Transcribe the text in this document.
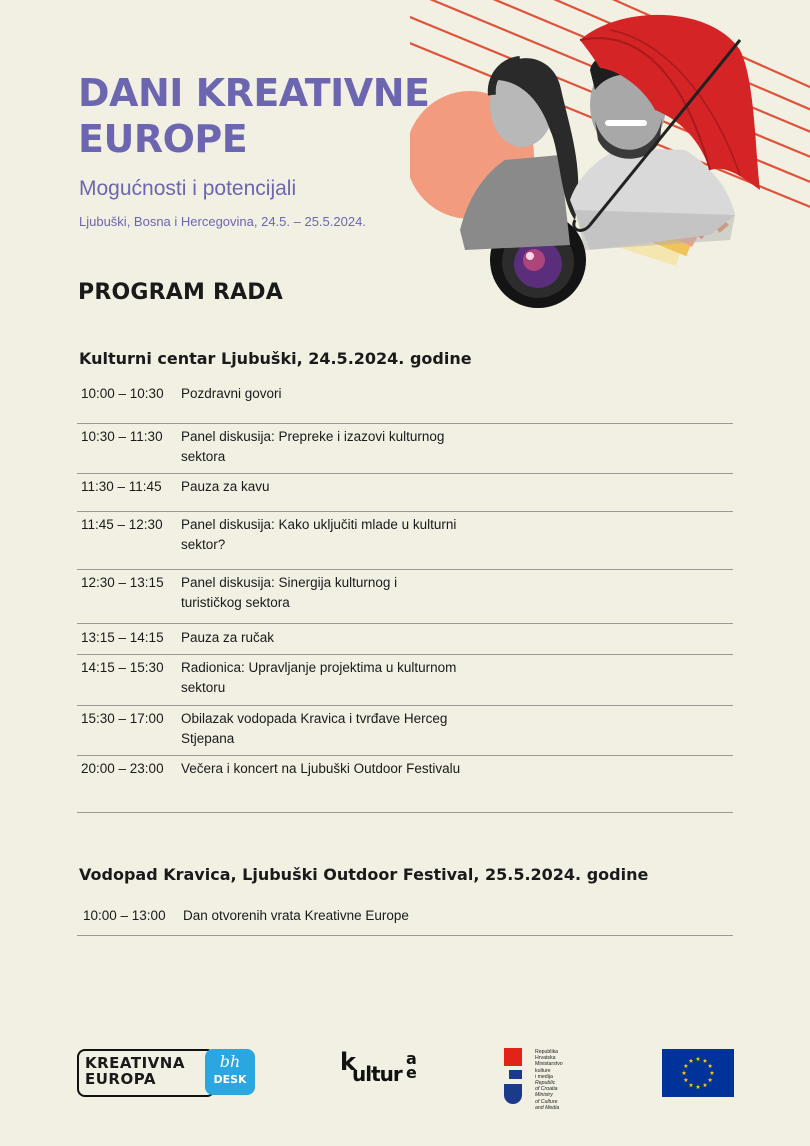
DANI KREATIVNE
EUROPE
Mogućnosti i potencijali
Ljubuški, Bosna i Hercegovina, 24.5. – 25.5.2024.
PROGRAM RADA
Kulturni centar Ljubuški, 24.5.2024. godine
10:00 – 10:30	Pozdravni govori
10:30 – 11:30	Panel diskusija: Prepreke i izazovi kulturnog sektora
11:30 – 11:45	Pauza za kavu
11:45 – 12:30	Panel diskusija: Kako uključiti mlade u kulturni sektor?
12:30 – 13:15	Panel diskusija: Sinergija kulturnog i turističkog sektora
13:15 – 14:15	Pauza za ručak
14:15 – 15:30	Radionica: Upravljanje projektima u kulturnom sektoru
15:30 – 17:00	Obilazak vodopada Kravica i tvrđave Herceg Stjepana
20:00 – 23:00	Večera i koncert na Ljubuški Outdoor Festivalu
Vodopad Kravica, Ljubuški Outdoor Festival, 25.5.2024. godine
10:00 – 13:00	Dan otvorenih vrata Kreativne Europe
KREATIVNA
EUROPA
bh
DESK
k
ultur
ae
Republika
Hrvatska
Ministarstvo
kulture
i medija
Republic
of Croatia
Ministry
of Culture
and Media
